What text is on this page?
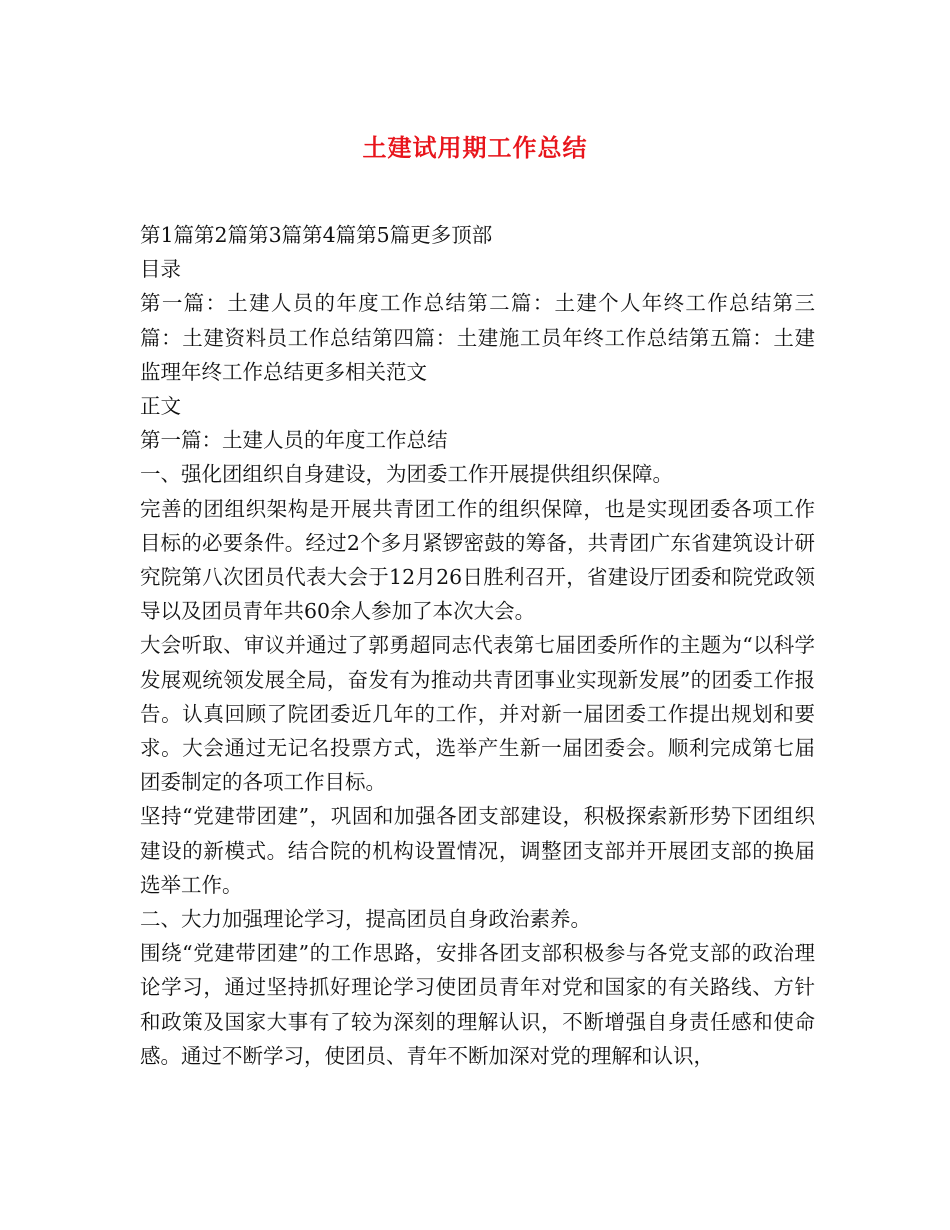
土建试用期工作总结

第1篇第2篇第3篇第4篇第5篇更多顶部

目录

第一篇：土建人员的年度工作总结第二篇：土建个人年终工作总结第三篇：土建资料员工作总结第四篇：土建施工员年终工作总结第五篇：土建监理年终工作总结更多相关范文

正文

第一篇：土建人员的年度工作总结

一、强化团组织自身建设，为团委工作开展提供组织保障。

完善的团组织架构是开展共青团工作的组织保障，也是实现团委各项工作目标的必要条件。经过2个多月紧锣密鼓的筹备，共青团广东省建筑设计研究院第八次团员代表大会于12月26日胜利召开，省建设厅团委和院党政领导以及团员青年共60余人参加了本次大会。

大会听取、审议并通过了郭勇超同志代表第七届团委所作的主题为“以科学发展观统领发展全局，奋发有为推动共青团事业实现新发展”的团委工作报告。认真回顾了院团委近几年的工作，并对新一届团委工作提出规划和要求。大会通过无记名投票方式，选举产生新一届团委会。顺利完成第七届团委制定的各项工作目标。

坚持“党建带团建”，巩固和加强各团支部建设，积极探索新形势下团组织建设的新模式。结合院的机构设置情况，调整团支部并开展团支部的换届选举工作。

二、大力加强理论学习，提高团员自身政治素养。

围绕“党建带团建”的工作思路，安排各团支部积极参与各党支部的政治理论学习，通过坚持抓好理论学习使团员青年对党和国家的有关路线、方针和政策及国家大事有了较为深刻的理解认识，不断增强自身责任感和使命感。通过不断学习，使团员、青年不断加深对党的理解和认识，
